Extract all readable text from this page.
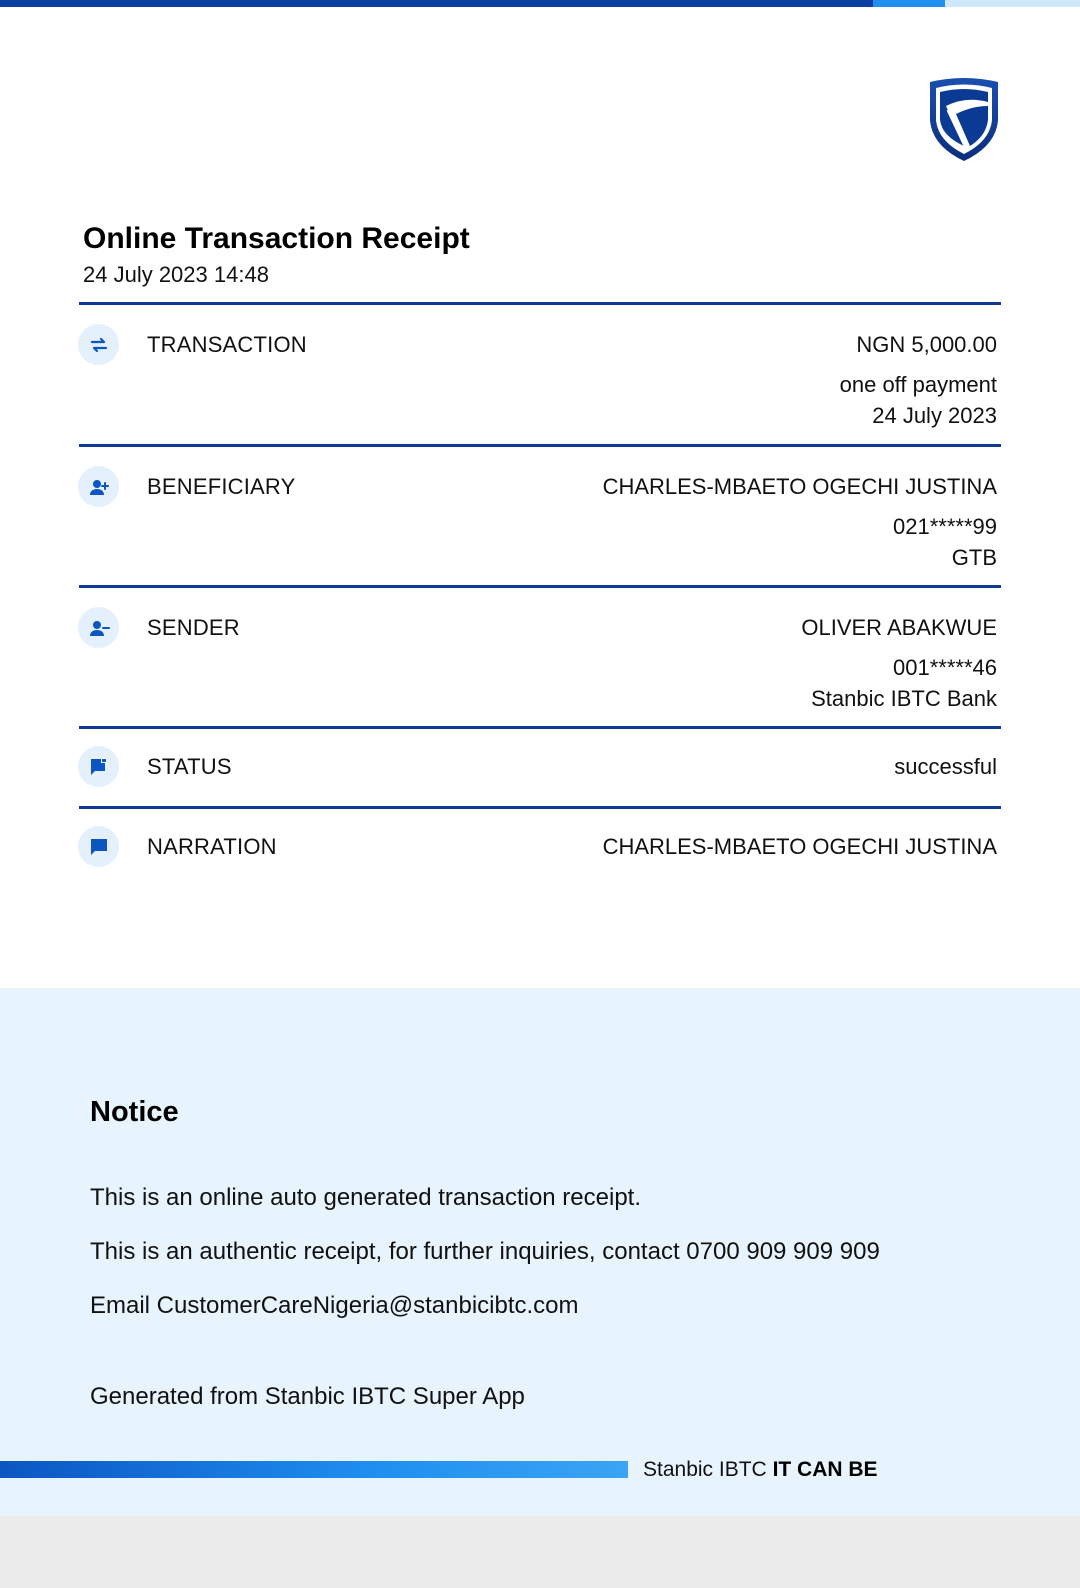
Online Transaction Receipt
24 July 2023 14:48
TRANSACTION	NGN 5,000.00
one off payment
24 July 2023
BENEFICIARY	CHARLES-MBAETO OGECHI JUSTINA
021*****99
GTB
SENDER	OLIVER ABAKWUE
001*****46
Stanbic IBTC Bank
STATUS	successful
NARRATION	CHARLES-MBAETO OGECHI JUSTINA
Notice
This is an online auto generated transaction receipt.
This is an authentic receipt, for further inquiries, contact 0700 909 909 909
Email CustomerCareNigeria@stanbicibtc.com
Generated from Stanbic IBTC Super App
Stanbic IBTC IT CAN BE
